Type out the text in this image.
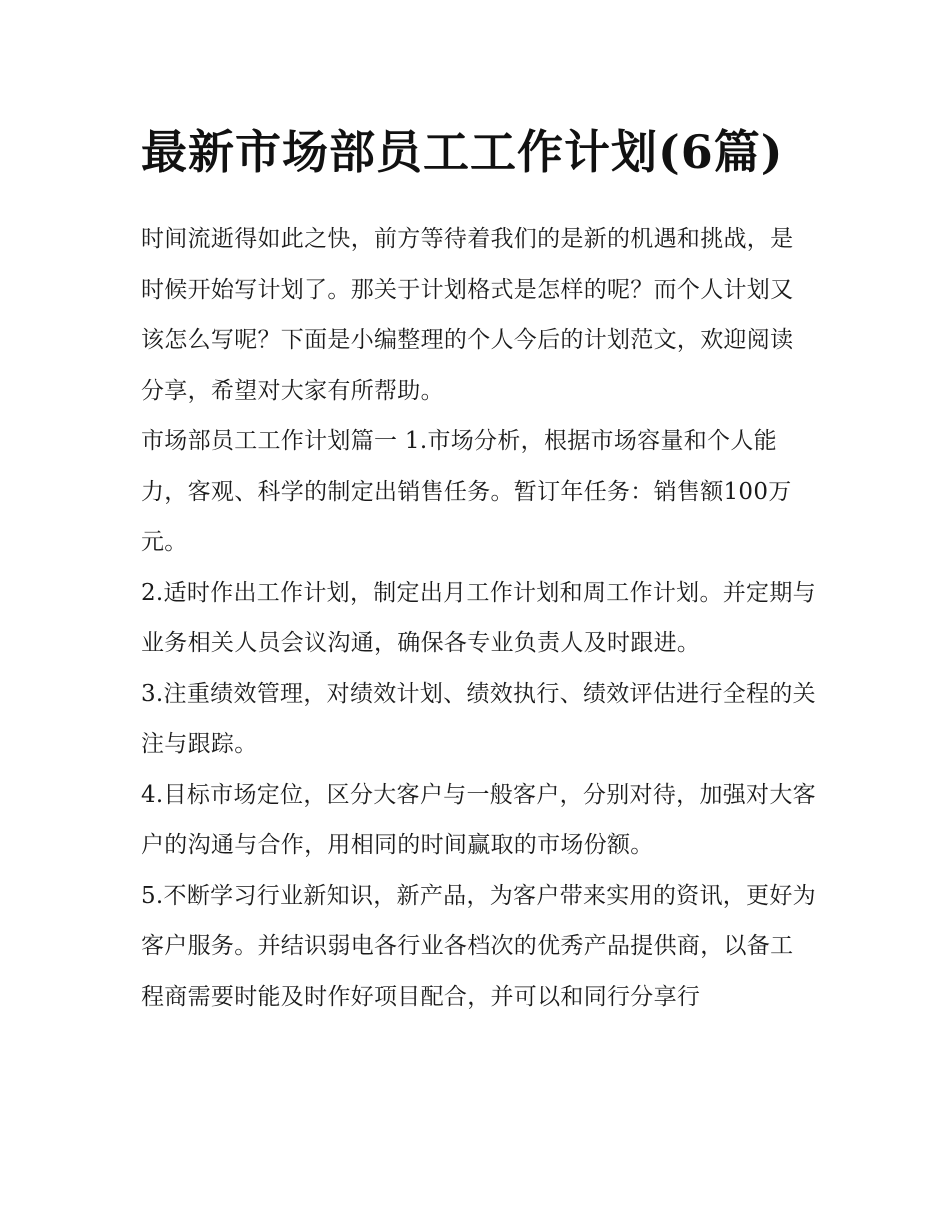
最新市场部员工工作计划(6篇)

时间流逝得如此之快，前方等待着我们的是新的机遇和挑战，是时候开始写计划了。那关于计划格式是怎样的呢？而个人计划又该怎么写呢？下面是小编整理的个人今后的计划范文，欢迎阅读分享，希望对大家有所帮助。

市场部员工工作计划篇一 1.市场分析，根据市场容量和个人能力，客观、科学的制定出销售任务。暂订年任务：销售额100万元。

2.适时作出工作计划，制定出月工作计划和周工作计划。并定期与业务相关人员会议沟通，确保各专业负责人及时跟进。

3.注重绩效管理，对绩效计划、绩效执行、绩效评估进行全程的关注与跟踪。

4.目标市场定位，区分大客户与一般客户，分别对待，加强对大客户的沟通与合作，用相同的时间赢取的市场份额。

5.不断学习行业新知识，新产品，为客户带来实用的资讯，更好为客户服务。并结识弱电各行业各档次的优秀产品提供商，以备工程商需要时能及时作好项目配合，并可以和同行分享行
